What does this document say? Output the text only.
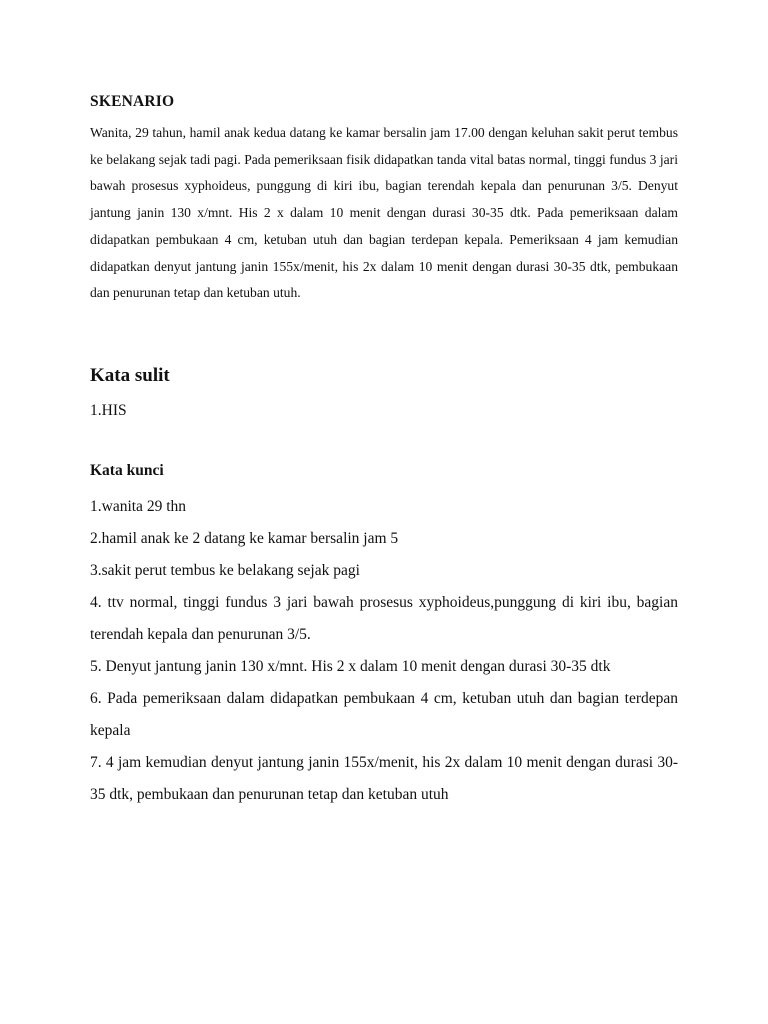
SKENARIO

Wanita, 29 tahun, hamil anak kedua datang ke kamar bersalin jam 17.00 dengan keluhan sakit perut tembus ke belakang sejak tadi pagi. Pada pemeriksaan fisik didapatkan tanda vital batas normal, tinggi fundus 3 jari bawah prosesus xyphoideus, punggung di kiri ibu, bagian terendah kepala dan penurunan 3/5. Denyut jantung janin 130 x/mnt. His 2 x dalam 10 menit dengan durasi 30-35 dtk. Pada pemeriksaan dalam didapatkan pembukaan 4 cm, ketuban utuh dan bagian terdepan kepala. Pemeriksaan 4 jam kemudian didapatkan denyut jantung janin 155x/menit, his 2x dalam 10 menit dengan durasi 30-35 dtk, pembukaan dan penurunan tetap dan ketuban utuh.

Kata sulit

1.HIS

Kata kunci
1.wanita 29 thn
2.hamil anak ke 2 datang ke kamar bersalin jam 5
3.sakit perut tembus ke belakang sejak pagi
4. ttv normal, tinggi fundus 3 jari bawah prosesus xyphoideus,punggung di kiri ibu, bagian terendah kepala dan penurunan 3/5.
5. Denyut jantung janin 130 x/mnt. His 2 x dalam 10 menit dengan durasi 30-35 dtk
6. Pada pemeriksaan dalam didapatkan pembukaan 4 cm, ketuban utuh dan bagian terdepan kepala
7. 4 jam kemudian denyut jantung janin 155x/menit, his 2x dalam 10 menit dengan durasi 30-35 dtk, pembukaan dan penurunan tetap dan ketuban utuh
